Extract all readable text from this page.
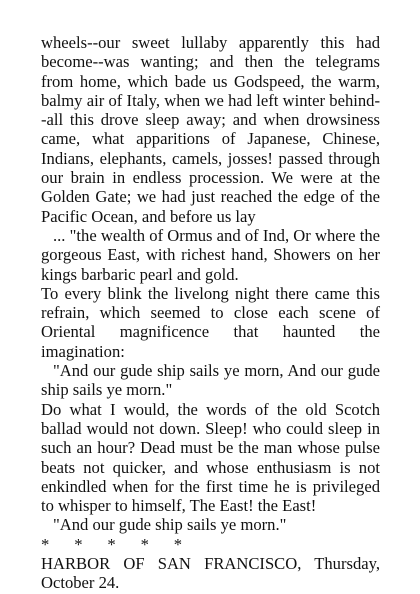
wheels--our sweet lullaby apparently this had become--was wanting; and then the telegrams from home, which bade us Godspeed, the warm, balmy air of Italy, when we had left winter behind--all this drove sleep away; and when drowsiness came, what apparitions of Japanese, Chinese, Indians, elephants, camels, josses! passed through our brain in endless procession. We were at the Golden Gate; we had just reached the edge of the Pacific Ocean, and before us lay

... "the wealth of Ormus and of Ind, Or where the gorgeous East, with richest hand, Showers on her kings barbaric pearl and gold.

To every blink the livelong night there came this refrain, which seemed to close each scene of Oriental magnificence that haunted the imagination:

"And our gude ship sails ye morn, And our gude ship sails ye morn."

Do what I would, the words of the old Scotch ballad would not down. Sleep! who could sleep in such an hour? Dead must be the man whose pulse beats not quicker, and whose enthusiasm is not enkindled when for the first time he is privileged to whisper to himself, The East! the East!

"And our gude ship sails ye morn."

*      *      *      *      *

HARBOR OF SAN FRANCISCO, Thursday, October 24.
